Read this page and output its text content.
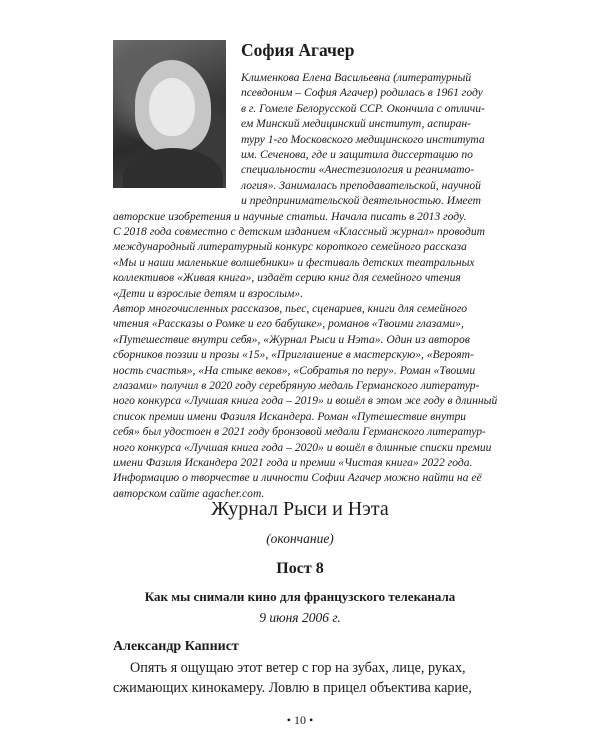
София Агачер
Клименкова Елена Васильевна (литературный
псевдоним – София Агачер) родилась в 1961 году
в г. Гомеле Белорусской ССР. Окончила с отличи-
ем Минский медицинский институт, аспиран-
туру 1-го Московского медицинского института
им. Сеченова, где и защитила диссертацию по
специальности «Анестезиология и реанимато-
логия». Занималась преподавательской, научной
и предпринимательской деятельностью. Имеет
авторские изобретения и научные статьи. Начала писать в 2013 году.
С 2018 года совместно с детским изданием «Классный журнал» проводит
международный литературный конкурс короткого семейного рассказа
«Мы и наши маленькие волшебники» и фестиваль детских театральных
коллективов «Живая книга», издаёт серию книг для семейного чтения
«Дети и взрослые детям и взрослым».
Автор многочисленных рассказов, пьес, сценариев, книги для семейного
чтения «Рассказы о Ромке и его бабушке», романов «Твоими глазами»,
«Путешествие внутри себя», «Журнал Рыси и Нэта». Один из авторов
сборников поэзии и прозы «15», «Приглашение в мастерскую», «Вероят-
ность счастья», «На стыке веков», «Собратья по перу». Роман «Твоими
глазами» получил в 2020 году серебряную медаль Германского литератур-
ного конкурса «Лучшая книга года – 2019» и вошёл в этом же году в длинный
список премии имени Фазиля Искандера. Роман «Путешествие внутри
себя» был удостоен в 2021 году бронзовой медали Германского литератур-
ного конкурса «Лучшая книга года – 2020» и вошёл в длинные списки премии
имени Фазиля Искандера 2021 года и премии «Чистая книга» 2022 года.
Информацию о творчестве и личности Софии Агачер можно найти на её
авторском сайте agacher.com.
Журнал Рыси и Нэта
(окончание)
Пост 8
Как мы снимали кино для французского телеканала
9 июня 2006 г.
Александр Капнист
Опять я ощущаю этот ветер с гор на зубах, лице, руках,
сжимающих кинокамеру. Ловлю в прицел объектива карие,
• 10 •
